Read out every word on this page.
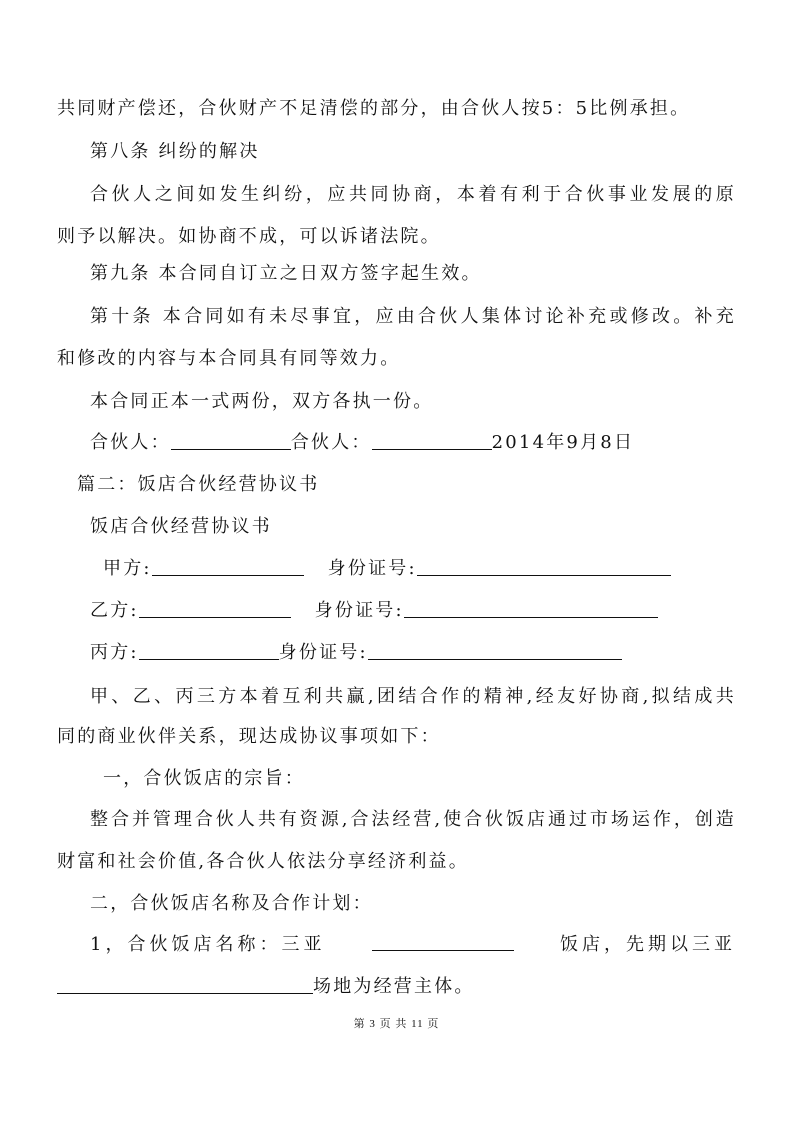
共同财产偿还，合伙财产不足清偿的部分，由合伙人按5：5比例承担。
第八条 纠纷的解决
合伙人之间如发生纠纷，应共同协商，本着有利于合伙事业发展的原
则予以解决。如协商不成，可以诉诸法院。
第九条 本合同自订立之日双方签字起生效。
第十条 本合同如有未尽事宜，应由合伙人集体讨论补充或修改。补充
和修改的内容与本合同具有同等效力。
本合同正本一式两份，双方各执一份。
合伙人：	合伙人：	2014年9月8日
篇二：饭店合伙经营协议书
饭店合伙经营协议书
甲方:	身份证号:
乙方:	身份证号:
丙方:	身份证号:
甲、乙、丙三方本着互利共赢,团结合作的精神,经友好协商,拟结成共
同的商业伙伴关系，现达成协议事项如下：
一，合伙饭店的宗旨：
整合并管理合伙人共有资源,合法经营,使合伙饭店通过市场运作，创造
财富和社会价值,各合伙人依法分享经济利益。
二，合伙饭店名称及合作计划：
1，合伙饭店名称：三亚	饭店，先期以三亚
场地为经营主体。
第 3 页 共 11 页
